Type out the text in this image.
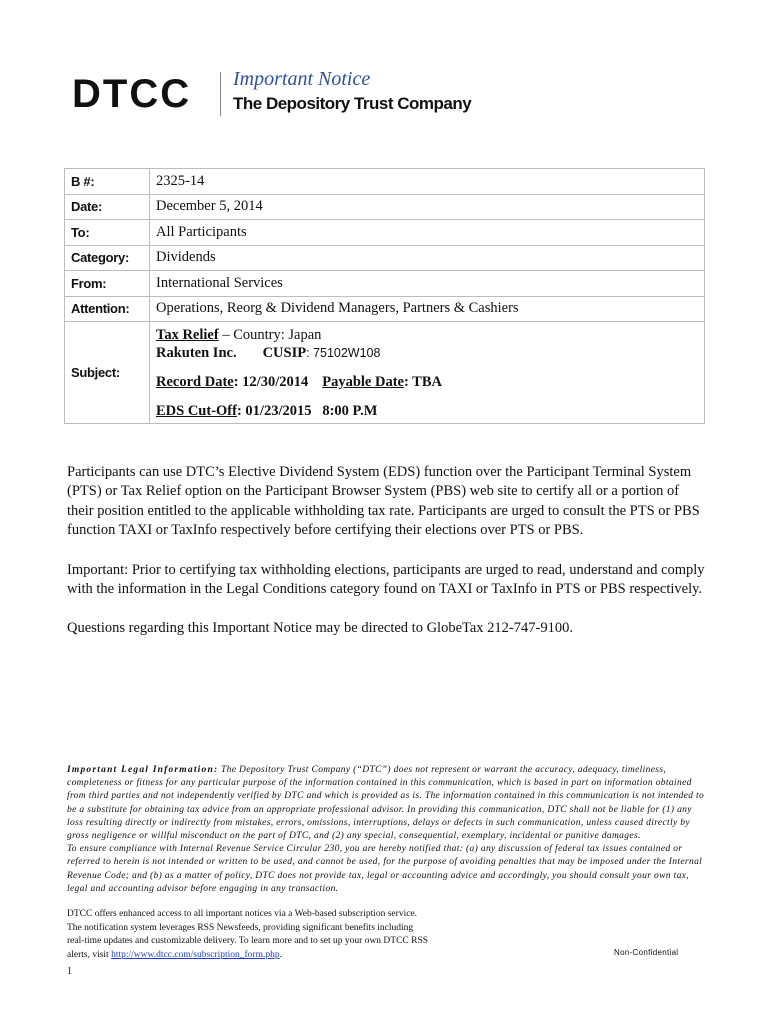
DTCC Important Notice
The Depository Trust Company
B #:	2325-14
Date:	December 5, 2014
To:	All Participants
Category:	Dividends
From:	International Services
Attention:	Operations, Reorg & Dividend Managers, Partners & Cashiers
Subject:	Tax Relief – Country: Japan
Rakuten Inc. CUSIP: 75102W108
Record Date: 12/30/2014 Payable Date: TBA
EDS Cut-Off: 01/23/2015   8:00 P.M

Participants can use DTC’s Elective Dividend System (EDS) function over the Participant Terminal System (PTS) or Tax Relief option on the Participant Browser System (PBS) web site to certify all or a portion of their position entitled to the applicable withholding tax rate. Participants are urged to consult the PTS or PBS function TAXI or TaxInfo respectively before certifying their elections over PTS or PBS.

Important: Prior to certifying tax withholding elections, participants are urged to read, understand and comply with the information in the Legal Conditions category found on TAXI or TaxInfo in PTS or PBS respectively.

Questions regarding this Important Notice may be directed to GlobeTax 212-747-9100.

Important Legal Information: The Depository Trust Company (“DTC”) does not represent or warrant the accuracy, adequacy, timeliness, completeness or fitness for any particular purpose of the information contained in this communication, which is based in part on information obtained from third parties and not independently verified by DTC and which is provided as is. The information contained in this communication is not intended to be a substitute for obtaining tax advice from an appropriate professional advisor. In providing this communication, DTC shall not be liable for (1) any loss resulting directly or indirectly from mistakes, errors, omissions, interruptions, delays or defects in such communication, unless caused directly by gross negligence or willful misconduct on the part of DTC, and (2) any special, consequential, exemplary, incidental or punitive damages.
To ensure compliance with Internal Revenue Service Circular 230, you are hereby notified that: (a) any discussion of federal tax issues contained or referred to herein is not intended or written to be used, and cannot be used, for the purpose of avoiding penalties that may be imposed under the Internal Revenue Code; and (b) as a matter of policy, DTC does not provide tax, legal or accounting advice and accordingly, you should consult your own tax, legal and accounting advisor before engaging in any transaction.
DTCC offers enhanced access to all important notices via a Web-based subscription service.
The notification system leverages RSS Newsfeeds, providing significant benefits including
real-time updates and customizable delivery. To learn more and to set up your own DTCC RSS
alerts, visit http://www.dtcc.com/subscription_form.php.	Non-Confidential
1
